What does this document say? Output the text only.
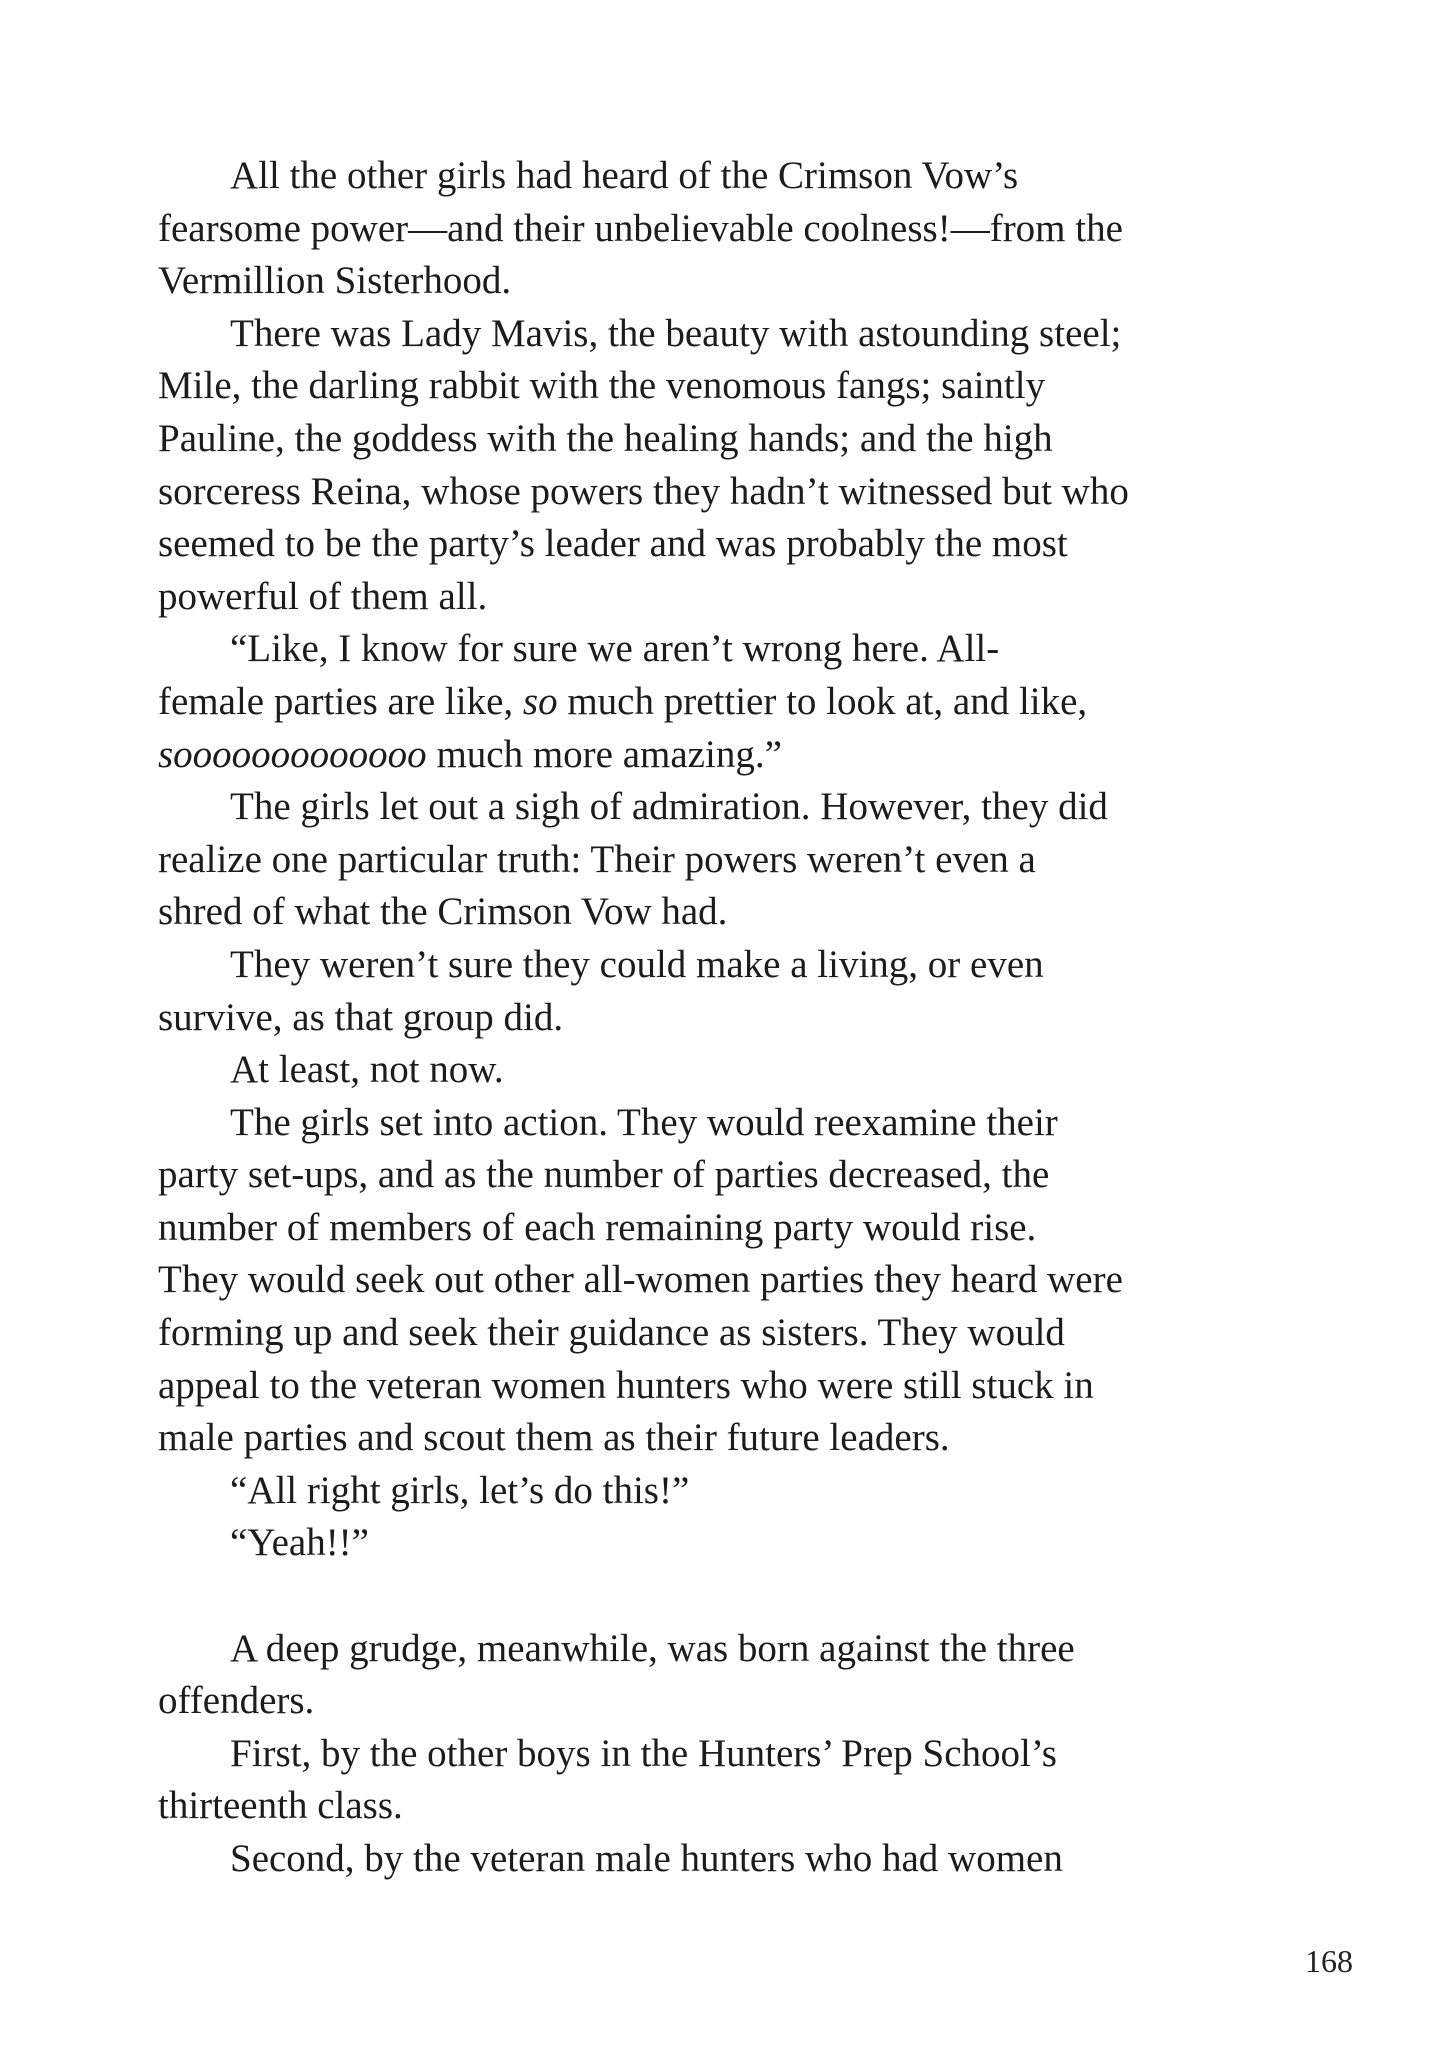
All the other girls had heard of the Crimson Vow’s
fearsome power—and their unbelievable coolness!—from the
Vermillion Sisterhood.
There was Lady Mavis, the beauty with astounding steel;
Mile, the darling rabbit with the venomous fangs; saintly
Pauline, the goddess with the healing hands; and the high
sorceress Reina, whose powers they hadn’t witnessed but who
seemed to be the party’s leader and was probably the most
powerful of them all.
“Like, I know for sure we aren’t wrong here. All-
female parties are like, so much prettier to look at, and like,
sooooooooooooo much more amazing.”
The girls let out a sigh of admiration. However, they did
realize one particular truth: Their powers weren’t even a
shred of what the Crimson Vow had.
They weren’t sure they could make a living, or even
survive, as that group did.
At least, not now.
The girls set into action. They would reexamine their
party set-ups, and as the number of parties decreased, the
number of members of each remaining party would rise.
They would seek out other all-women parties they heard were
forming up and seek their guidance as sisters. They would
appeal to the veteran women hunters who were still stuck in
male parties and scout them as their future leaders.
“All right girls, let’s do this!”
“Yeah!!”
A deep grudge, meanwhile, was born against the three
offenders.
First, by the other boys in the Hunters’ Prep School’s
thirteenth class.
Second, by the veteran male hunters who had women
168
